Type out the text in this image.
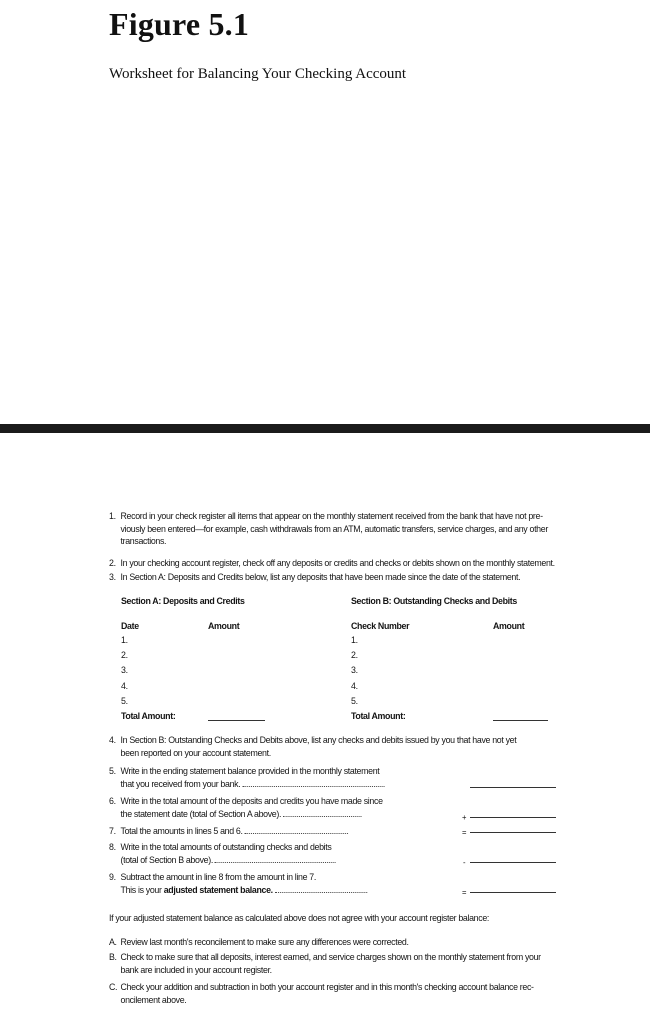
Figure 5.1

Worksheet for Balancing Your Checking Account

1. Record in your check register all items that appear on the monthly statement received from the bank that have not pre- viously been entered—for example, cash withdrawals from an ATM, automatic transfers, service charges, and any other transactions.
2. In your checking account register, check off any deposits or credits and checks or debits shown on the monthly statement.
3. In Section A: Deposits and Credits below, list any deposits that have been made since the date of the statement.
Section A: Deposits and Credits
Date	Amount
1.
2.
3.
4.
5.
Total Amount:
Section B: Outstanding Checks and Debits
Check Number	Amount
1.
2.
3.
4.
5.
Total Amount:
4. In Section B: Outstanding Checks and Debits above, list any checks and debits issued by you that have not yet
been reported on your account statement.
5. Write in the ending statement balance provided in the monthly statement
that you received from your bank.
6. Write in the total amount of the deposits and credits you have made since
the statement date (total of Section A above).	+
7. Total the amounts in lines 5 and 6.	=
8. Write in the total amounts of outstanding checks and debits
(total of Section B above).	-
9. Subtract the amount in line 8 from the amount in line 7.
This is your adjusted statement balance.	=
If your adjusted statement balance as calculated above does not agree with your account register balance:
A. Review last month's reconcilement to make sure any differences were corrected.
B. Check to make sure that all deposits, interest earned, and service charges shown on the monthly statement from your bank are included in your account register.
C. Check your addition and subtraction in both your account register and in this month's checking account balance rec- oncilement above.
